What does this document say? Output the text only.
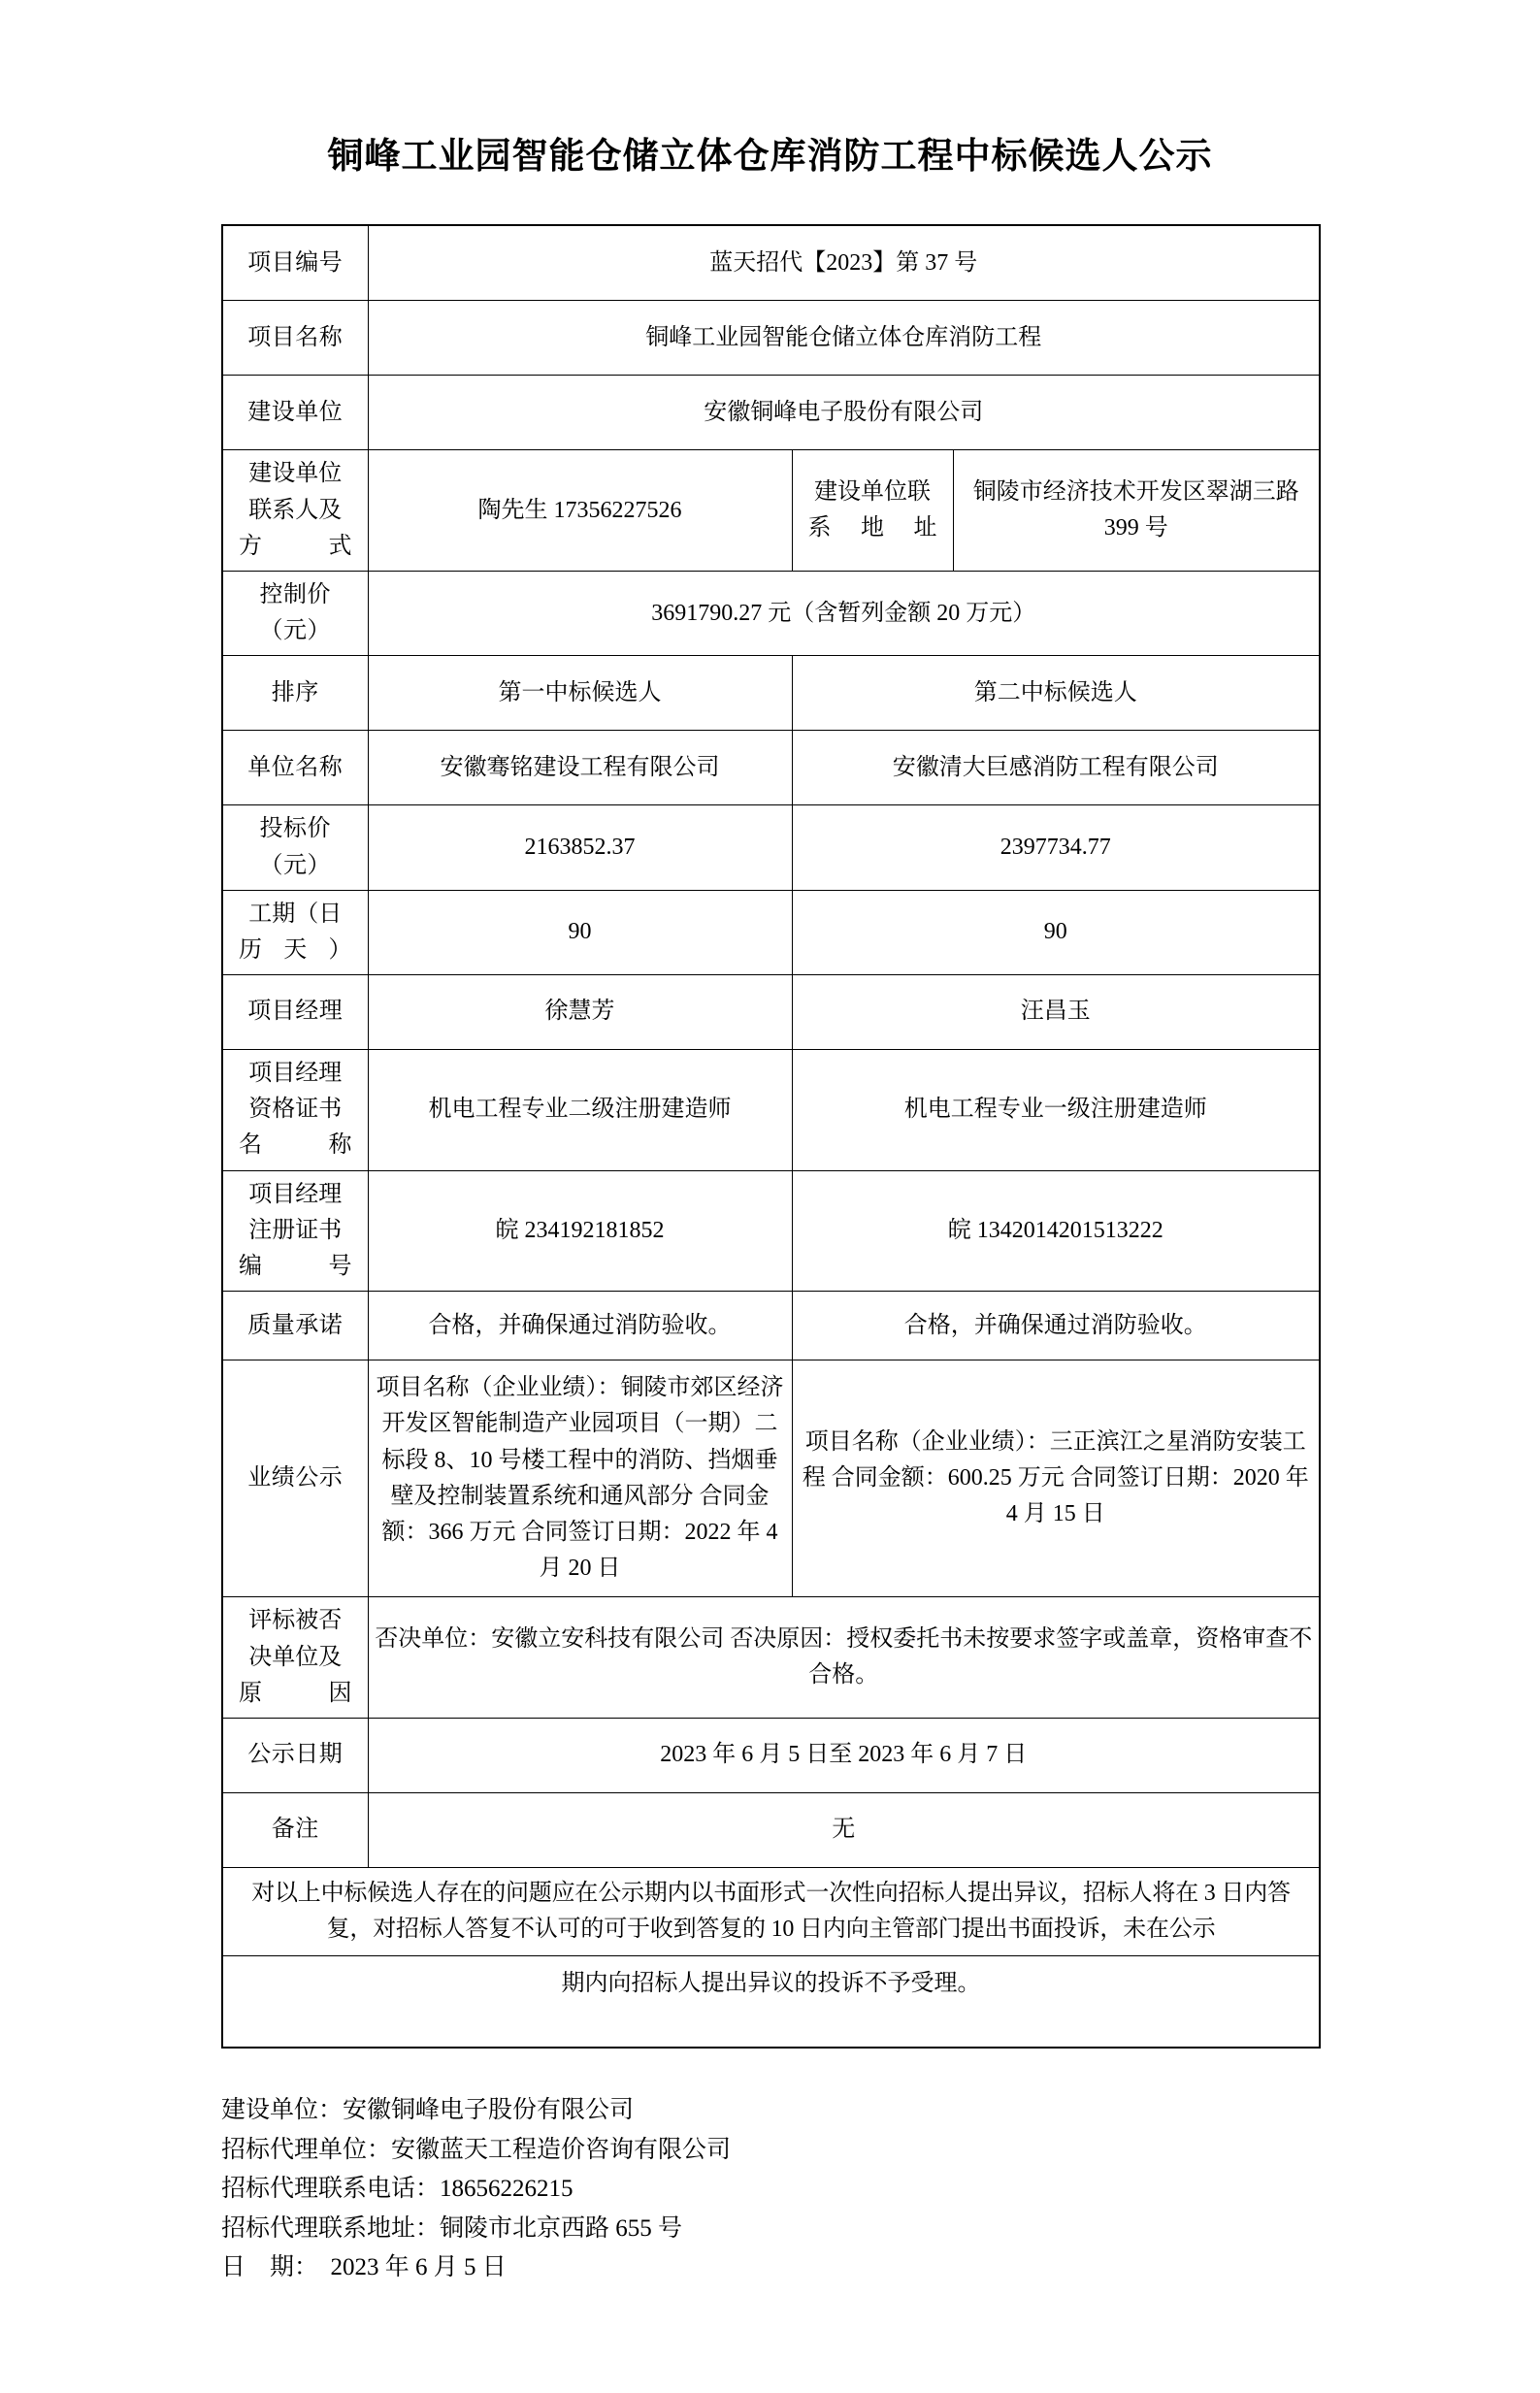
铜峰工业园智能仓储立体仓库消防工程中标候选人公示
项目编号	蓝天招代【2023】第 37 号		
项目名称	铜峰工业园智能仓储立体仓库消防工程		
建设单位	安徽铜峰电子股份有限公司		
建设单位联系人及方式	陶先生 17356227526	建设单位联系地址	铜陵市经济技术开发区翠湖三路 399 号
控制价（元）	3691790.27 元（含暂列金额 20 万元）		
排序	第一中标候选人	第二中标候选人	
单位名称	安徽骞铭建设工程有限公司	安徽清大巨感消防工程有限公司	
投标价（元）	2163852.37	2397734.77	
工期（日历天）	90	90	
项目经理	徐慧芳	汪昌玉	
项目经理资格证书名称	机电工程专业二级注册建造师	机电工程专业一级注册建造师	
项目经理注册证书编号	皖 234192181852	皖 1342014201513222	
质量承诺	合格，并确保通过消防验收。	合格，并确保通过消防验收。	
业绩公示	项目名称（企业业绩）：铜陵市郊区经济开发区智能制造产业园项目（一期）二标段 8、10 号楼工程中的消防、挡烟垂壁及控制装置系统和通风部分 合同金额：366 万元 合同签订日期：2022 年 4 月 20 日	项目名称（企业业绩）：三正滨江之星消防安装工程 合同金额：600.25 万元 合同签订日期：2020 年 4 月 15 日	
评标被否决单位及原因	否决单位：安徽立安科技有限公司 否决原因：授权委托书未按要求签字或盖章，资格审查不合格。		
公示日期	2023 年 6 月 5 日至 2023 年 6 月 7 日		
备注	无		
对以上中标候选人存在的问题应在公示期内以书面形式一次性向招标人提出异议，招标人将在 3 日内答复，对招标人答复不认可的可于收到答复的 10 日内向主管部门提出书面投诉，未在公示			
期内向招标人提出异议的投诉不予受理。			
建设单位：安徽铜峰电子股份有限公司
招标代理单位：安徽蓝天工程造价咨询有限公司
招标代理联系电话：18656226215
招标代理联系地址：铜陵市北京西路 655 号
日　期：　2023 年 6 月 5 日
